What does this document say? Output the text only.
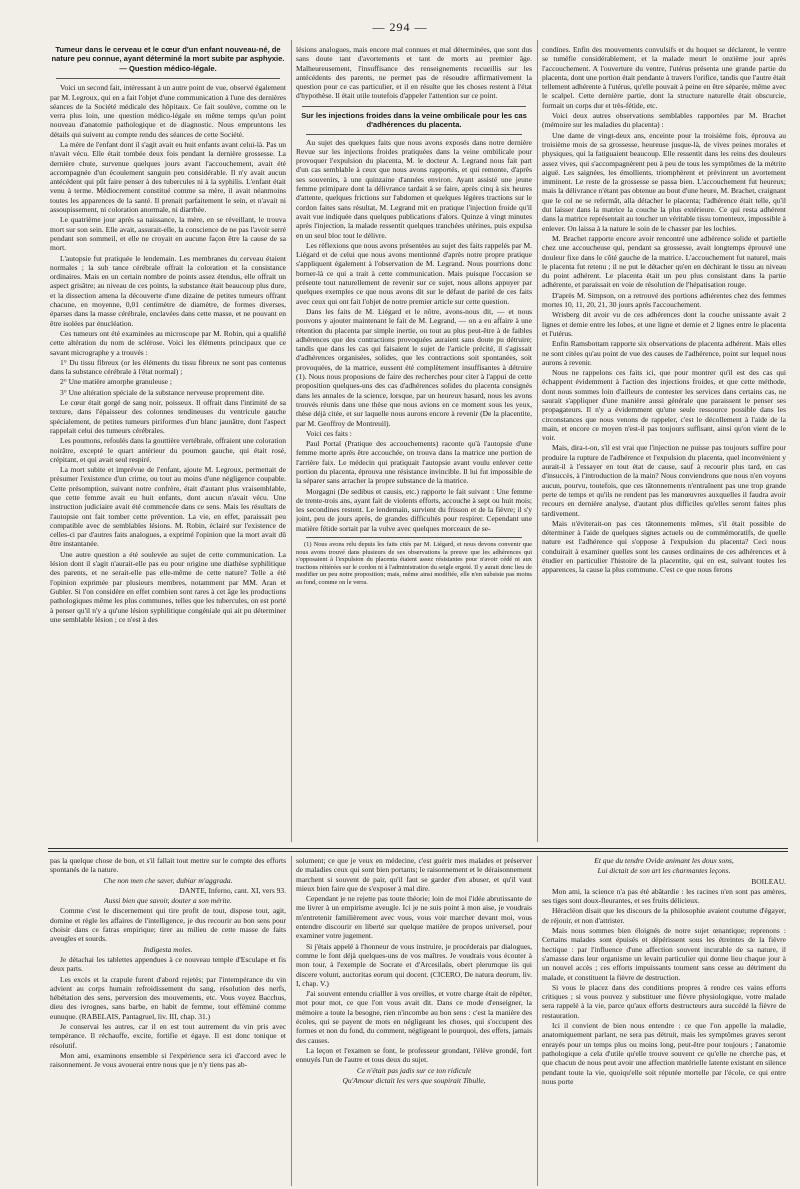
— 294 —
Tumeur dans le cerveau et le cœur d'un enfant nouveau-né, de nature peu connue, ayant déterminé la mort subite par asphyxie. — Question médico-légale.

Voici un second fait, intéressant à un autre point de vue, observé également par M. Legroux, qui en a fait l'objet d'une communication à l'une des dernières séances de la Société médicale des hôpitaux. Ce fait soulève, comme on le verra plus loin, une question médico-légale en même temps qu'un point nouveau d'anatomie pathologique et de diagnostic. Nous empruntons les détails qui suivent au compte rendu des séances de cette Société.

La mère de l'enfant dont il s'agit avait eu huit enfants avant celui-là. Pas un n'avait vécu. Elle était tombée deux fois pendant la dernière grossesse. La dernière chute, survenue quelques jours avant l'accouchement, avait été accompagnée d'un écoulement sanguin peu considérable. Il n'y avait aucun antécédent qui pût faire penser à des tubercules ni à la syphilis. L'enfant était venu à terme. Médiocrement constitué comme sa mère, il avait néanmoins toutes les apparences de la santé. Il prenait parfaitement le sein, et n'avait ni assoupissement, ni coloration anormale, ni diarrhée.

Le quatrième jour après sa naissance, la mère, en se réveillant, le trouva mort sur son sein. Elle avait, assurait-elle, la conscience de ne pas l'avoir serré pendant son sommeil, et elle ne croyait en aucune façon être la cause de sa mort.

L'autopsie fut pratiquée le lendemain. Les membranes du cerveau étaient normales ; la sub tance cérébrale offrait la coloration et la consistance ordinaires. Mais en un certain nombre de points assez étendus, elle offrait un aspect grisâtre; au niveau de ces points, la substance était beaucoup plus dure, et la dissection amena la découverte d'une dizaine de petites tumeurs offrant chacune, en moyenne, 0,01 centimètre de diamètre, de formes diverses, éparses dans la masse cérébrale, enclavées dans cette masse, et ne pouvant en être isolées par énucléation.

Ces tumeurs ont été examinées au microscope par M. Robin, qui a qualifié cette altération du nom de sclérose. Voici les éléments principaux que ce savant micrographe y a trouvés :

1° Du tissu fibreux (or les éléments du tissu fibreux ne sont pas contenus dans la substance cérébrale à l'état normal) ;

2° Une matière amorphe granuleuse ;

3° Une altération spéciale de la substance nerveuse proprement dite.

Le cœur était gorgé de sang noir, poisseux. Il offrait dans l'intimité de sa texture, dans l'épaisseur des colonnes tendineuses du ventricule gauche spécialement, de petites tumeurs piriformes d'un blanc jaunâtre, dont l'aspect rappelait celui des tumeurs cérébrales.

Les poumons, refoulés dans la gouttière vertébrale, offraient une coloration noirâtre, excepté le quart antérieur du poumon gauche, qui était rosé, crépitant, et qui avait seul respiré.

La mort subite et imprévue de l'enfant, ajoute M. Legroux, permettait de présumer l'existence d'un crime, ou tout au moins d'une négligence coupable. Cette présomption, suivant notre confrère, était d'autant plus vraisemblable, que cette femme avait eu huit enfants, dont aucun n'avait vécu. Une instruction judiciaire avait été commencée dans ce sens. Mais les résultats de l'autopsie ont fait tomber cette prévention. La vie, en effet, paraissait peu compatible avec de semblables lésions. M. Robin, éclairé sur l'existence de celles-ci par d'autres faits analogues, a exprimé l'opinion que la mort avait dû être instantanée.

Une autre question a été soulevée au sujet de cette communication. La lésion dont il s'agit n'aurait-elle pas eu pour origine une diathèse syphilitique des parents, et ne serait-elle pas elle-même de cette nature? Telle a été l'opinion exprimée par plusieurs membres, notamment par MM. Aran et Gubler. Si l'on considère en effet combien sont rares à cet âge les productions pathologiques même les plus communes, telles que les tubercules, on est porté à penser qu'il n'y a qu'une lésion syphilitique congéniale qui ait pu déterminer une semblable lésion ; ce n'est à des

lésions analogues, mais encore mal connues et mal déterminées, que sont dus sans doute tant d'avortements et tant de morts au premier âge. Malheureusement, l'insuffisance des renseignements recueillis sur les antécédents des parents, ne permet pas de résoudre affirmativement la question pour ce cas particulier, et il en résulte que les choses restent à l'état d'hypothèse. Il était utile toutefois d'appeler l'attention sur ce point.

Sur les injections froides dans la veine ombilicale pour les cas d'adhérences du placenta.

Au sujet des quelques faits que nous avons exposés dans notre dernière Revue sur les injections froides pratiquées dans la veine ombilicale pour provoquer l'expulsion du placenta, M. le docteur A. Legrand nous fait part d'un cas semblable à ceux que nous avons rapportés, et qui remonte, d'après ses souvenirs, à une quinzaine d'années environ. Ayant assisté une jeune femme primipare dont la délivrance tardait à se faire, après cinq à six heures d'attente, quelques frictions sur l'abdomen et quelques légères tractions sur le cordon faites sans résultat, M. Legrand mit en pratique l'injection froide qu'il avait vue indiquée dans quelques publications d'alors. Quinze à vingt minutes après l'injection, la malade ressentit quelques tranchées utérines, puis expulsa en un seul bloc tout le délivre.

Les réflexions que nous avons présentées au sujet des faits rappelés par M. Liégard et de celui que nous avons mentionné d'après notre propre pratique s'appliquent également à l'observation de M. Legrand. Nous pourrions donc borner-là ce qui a trait à cette communication. Mais puisque l'occasion se présente tout naturellement de revenir sur ce sujet, nous allons appuyer par quelques exemples ce que nous avons dit sur le défaut de parité de ces faits avec ceux qui ont fait l'objet de notre premier article sur cette question.

Dans les faits de M. Liégard et le nôtre, avons-nous dit, — et nous pouvons y ajouter maintenant le fait de M. Legrand, — on a eu affaire à une rétention du placenta par simple inertie, ou tout au plus peut-être à de faibles adhérences que des contractions provoquées auraient sans doute pu détruire; tandis que dans les cas qui faisaient le sujet de l'article précité, il s'agissait d'adhérences organisées, solides, que les contractions soit spontanées, soit provoquées, de la matrice, eussent été complètement insuffisantes à détruire (1). Nous nous proposions de faire des recherches pour citer à l'appui de cette proposition quelques-uns des cas d'adhérences solides du placenta consignés dans les annales de la science, lorsque, par un heureux hasard, nous les avons trouvés réunis dans une thèse que nous avions en ce moment sous les yeux, thèse déjà citée, et sur laquelle nous aurons encore à revenir (De la placentite, par M. Geoffroy de Montreuil).

Voici ces faits :

Paul Portal (Pratique des accouchements) raconte qu'à l'autopsie d'une femme morte après être accouchée, on trouva dans la matrice une portion de l'arrière faix. Le médecin qui pratiquait l'autopsie avant voulu enlever cette portion du placenta, éprouva une résistance invincible. Il lui fut impossible de la séparer sans arracher la propre substance de la matrice.

Morgagni (De sedibus et causis, etc.) rapporte le fait suivant : Une femme de trente-trois ans, ayant fait de violents efforts, accouche à sept ou huit mois; les secondines restent. Le lendemain, survient du frisson et de la fièvre; il s'y joint, peu de jours après, de grandes difficultés pour respirer. Cependant une matière fétide sortait par la vulve avec quelques morceaux de se-

(1) Nous avons relu depuis les faits cités par M. Liégard, et nous devons convenir que nous avons trouvé dans plusieurs de ses observations la preuve que les adhérences qui s'opposaient à l'expulsion du placenta étaient assez résistantes pour n'avoir cédé ni aux tractions réitérées sur le cordon ni à l'administration du seigle ergoté. Il y aurait donc lieu de modifier un peu notre proposition; mais, même ainsi modifiée, elle n'en subsiste pas moins au fond, comme on le verra.

condines. Enfin des mouvements convulsifs et du hoquet se déclarent, le ventre se tuméfie considérablement, et la malade meurt le onzième jour après l'accouchement. A l'ouverture du ventre, l'utérus présenta une grande partie du placenta, dont une portion était pendante à travers l'orifice, tandis que l'autre était tellement adhérente à l'utérus, qu'elle pouvait à peine en être séparée, même avec le scalpel. Cette dernière partie, dont la structure naturelle était obscurcie, formait un corps dur et très-fétide, etc.

Voici deux autres observations semblables rapportées par M. Brachet (mémoire sur les maladies du placenta) :

Une dame de vingt-deux ans, enceinte pour la troisième fois, éprouva au troisième mois de sa grossesse, heureuse jusque-là, de vives peines morales et physiques, qui la fatiguaient beaucoup. Elle ressentit dans les reins des douleurs assez vives, qui s'accompagnèrent peu à peu de tous les symptômes de la métrite aiguë. Les saignées, les émollients, triomphèrent et prévinrent un avortement imminent. Le reste de la grossesse se passa bien. L'accouchement fut heureux; mais la délivrance n'étant pas obtenue au bout d'une heure, M. Brachet, craignant que le col ne se refermât, alla détacher le placenta; l'adhérence était telle, qu'il dut laisser dans la matrice la couche la plus extérieure. Ce qui resta adhérent dans la matrice représentait au toucher un véritable tissu tomenteux, impossible à enlever. On laissa à la nature le soin de le chasser par les lochies.

M. Brachet rapporte encore avoir rencontré une adhérence solide et partielle chez une accoucheuse qui, pendant sa grossesse, avait longtemps éprouvé une douleur fixe dans le côté gauche de la matrice. L'accouchement fut naturel, mais le placenta fut retenu ; il ne put le détacher qu'en en déchirant le tissu au niveau du point adhérent. Le placenta était un peu plus consistant dans la partie adhérente, et paraissait en voie de résolution de l'hépatisation rouge.

D'après M. Simpson, on a retrouvé des portions adhérentes chez des femmes mortes 10, 11, 20, 21, 30 jours après l'accouchement.

Wrisberg dit avoir vu de ces adhérences dont la couche unissante avait 2 lignes et demie entre les lobes, et une ligne et demie et 2 lignes entre le placenta et l'utérus.

Enfin Ramsbottam rapporte six observations de placenta adhérent. Mais elles ne sont citées qu'au point de vue des causes de l'adhérence, point sur lequel nous aurons à revenir.

Nous ne rappelons ces faits ici, que pour montrer qu'il est des cas qui échappent évidemment à l'action des injections froides, et que cette méthode, dont nous sommes loin d'ailleurs de contester les services dans certains cas, ne saurait s'appliquer d'une manière aussi générale que paraissent le penser ses propagateurs. Il n'y a évidemment qu'une seule ressource possible dans les circonstances que nous venons de rappeler, c'est le décollement à l'aide de la main, et encore ce moyen n'est-il pas toujours suffisant, ainsi qu'on vient de le voir.

Mais, dira-t-on, s'il est vrai que l'injection ne puisse pas toujours suffire pour produire la rupture de l'adhérence et l'expulsion du placenta, quel inconvénient y aurait-il à l'essayer en tout état de cause, sauf à recourir plus tard, en cas d'insuccès, à l'introduction de la main? Nous conviendrons que nous n'en voyons aucun, pourvu, toutefois, que ces tâtonnements n'entraînent pas une trop grande perte de temps et qu'ils ne rendent pas les manœuvres auxquelles il faudra avoir recours en dernière analyse, d'autant plus difficiles qu'elles seront faites plus tardivement.

Mais n'éviterait-on pas ces tâtonnements mêmes, s'il était possible de déterminer à l'aide de quelques signes actuels ou de commémoratifs, de quelle nature est l'adhérence qui s'oppose à l'expulsion du placenta? Ceci nous conduirait à examiner quelles sont les causes ordinaires de ces adhérences et à étudier en particulier l'histoire de la placentite, qui en est, suivant toutes les apparences, la cause la plus commune. C'est ce que nous ferons

pas la quelque chose de bon, et s'il fallait tout mettre sur le compte des efforts spontanés de la nature.

Che non men che saver, dubiar m'aggrada.

DANTE, Inferno, cant. XI, vers 93.

Aussi bien que savoir, douter a son mérite.

Comme c'est le discernement qui tire profit de tout, dispose tout, agit, domine et règle les affaires de l'intelligence, je dus recourir au bon sens pour choisir dans ce fatras empirique; tirer au milieu de cette masse de faits aveugles et sourds.

Indigesta moles.

Je détachai les tablettes appendues à ce nouveau temple d'Esculape et fis deux parts.

Les excès et la crapule furent d'abord rejetés; par l'intempérance du vin advient au corps humain refroidissement du sang, résolution des nerfs, hébétation des sens, perversion des mouvements, etc. Vous voyez Bacchus, dieu des ivrognes, sans barbe, en habit de femme, tout efféminé comme eunuque. (RABELAIS, Pantagruel, liv. III, chap. 31.)

Je conservai les autres, car il en est tout autrement du vin pris avec tempérance. Il réchauffe, excite, fortifie et égaye. Il est donc tonique et résolutif.

Mon ami, examinons ensemble si l'expérience sera ici d'accord avec le raisonnement. Je vous avouerai entre nous que je n'y tiens pas ab-

solument; ce que je veux en médecine, c'est guérir mes malades et préserver de maladies ceux qui sont bien portants; le raisonnement et le déraisonnement marchent si souvent de pair, qu'il faut se garder d'en abuser, et qu'il vaut mieux bien faire que de s'exposer à mal dire.

Cependant je ne rejette pas toute théorie; loin de moi l'idée abrutissante de me livrer à un empirisme aveugle. Ici je ne suis point à mon aise, je voudrais m'entretenir familièrement avec vous, vous voir marcher devant moi, vous entendre discourir en liberté sur quelque matière de propos universel, pour examiner votre jugement.

Si j'étais appelé à l'honneur de vous instruire, je procéderais par dialogues, comme le font déjà quelques-uns de vos maîtres. Je voudrais vous écouter à mon tour, à l'exemple de Socrate et d'Arcesilaüs, obert plerumque iis qui discere volunt, auctoritas eorum qui docent. (CICERO, De natura deorum, liv. I, chap. V.)

J'ai souvent entendu crialller à vos oreilles, et votre charge était de répéter, mot pour mot, ce que l'on vous avait dit. Dans ce mode d'enseigner, la mémoire a toute la besogne, rien n'incombe au bon sens : c'est la manière des écoles, qui se payent de mots en négligeant les choses, qui s'occupent des formes et non du fond, du comment, négligeant le pourquoi, des effets, jamais des causes.

La leçon et l'examen se font, le professeur grondant, l'élève grondé, fort ennuyés l'un de l'autre et tous deux du sujet.

Ce n'était pas jadis sur ce ton ridicule

Qu'Amour dictait les vers que soupirait Tibulle,

Et que du tendre Ovide animant les doux sons,

Lui dictait de son art les charmantes leçons.

BOILEAU.

Mon ami, la science n'a pas été abâtardie : les racines n'en sont pas amères, ses tiges sont doux-fleurantes, et ses fruits délicieux.

Héracléon disait que les discours de la philosophie avaient coutume d'égayer, de réjouir, et non d'attrister.

Mais nous sommes bien éloignés de notre sujet œnantique; reprenons : Certains malades sont épuisés et dépérissent sous les étreintes de la fièvre hectique : par l'influence d'une affection souvent incurable de sa nature, il s'amasse dans leur organisme un levain particulier qui donne lieu chaque jour à un nouvel accès ; ces efforts impuissants tournent sans cesse au détriment du malade, et constituent la fièvre de destruction.

Si vous le placez dans des conditions propres à rendre ces vains efforts critiques ; si vous pouvez y substituer une fièvre physiologique, votre malade sera rappelé à la vie, parce qu'aux efforts destructeurs aura succédé la fièvre de restauration.

Ici il convient de bien nous entendre : ce que l'on appelle la maladie, anatomiquement parlant, ne sera pas détruit, mais les symptômes graves seront enrayés pour un temps plus ou moins long, peut-être pour toujours ; l'anatomie pathologique a cela d'utile qu'elle trouve souvent ce qu'elle ne cherche pas, et que chacun de nous peut avoir une affection matérielle latente existant en silence pendant toute la vie, quoiqu'elle soit réputée mortelle par l'école, ce qui entre nous porte
